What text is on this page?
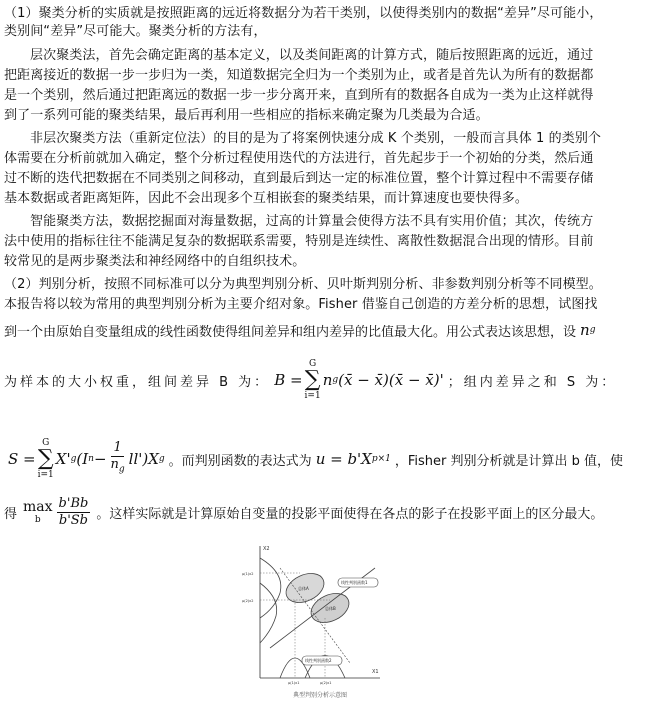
（1）聚类分析的实质就是按照距离的远近将数据分为若干类别，以使得类别内的数据“差异”尽可能小，
类别间“差异”尽可能大。聚类分析的方法有，
层次聚类法，首先会确定距离的基本定义，以及类间距离的计算方式，随后按照距离的远近，通过
把距离接近的数据一步一步归为一类，知道数据完全归为一个类别为止，或者是首先认为所有的数据都
是一个类别，然后通过把距离远的数据一步一步分离开来，直到所有的数据各自成为一类为止这样就得
到了一系列可能的聚类结果，最后再利用一些相应的指标来确定聚为几类最为合适。
非层次聚类方法（重新定位法）的目的是为了将案例快速分成 K 个类别，一般而言具体 1 的类别个
体需要在分析前就加入确定，整个分析过程使用迭代的方法进行，首先起步于一个初始的分类，然后通
过不断的迭代把数据在不同类别之间移动，直到最后到达一定的标准位置，整个计算过程中不需要存储
基本数据或者距离矩阵，因此不会出现多个互相嵌套的聚类结果，而计算速度也要快得多。
智能聚类方法，数据挖掘面对海量数据，过高的计算量会使得方法不具有实用价值；其次，传统方
法中使用的指标往往不能满足复杂的数据联系需要，特别是连续性、离散性数据混合出现的情形。目前
较常见的是两步聚类法和神经网络中的自组织技术。
（2）判别分析，按照不同标准可以分为典型判别分析、贝叶斯判别分析、非参数判别分析等不同模型。
本报告将以较为常用的典型判别分析为主要介绍对象。Fisher 借鉴自己创造的方差分析的思想，试图找
到一个由原始自变量组成的线性函数使得组间差异和组内差异的比值最大化。用公式表达该思想，设 n g
为样本的大小权重，组间差异 B 为： B =
G
∑
i=1
n g (x̄ − x̄)(x̄ − x̄)' ；组内差异之和 S 为：
S =
G
∑
i=1
X' g (I $n - \frac{1}{n_g} ll')X$ g 。而判别函数的表达式为 u = b'X p×1 ，Fisher 判别分析就是计算出 b 值，使
得 max
b $\frac{b'Bb}{b'Sb}$ 。这样实际就是计算原始自变量的投影平面使得在各点的影子在投影平面上的区分最大。
X2
X1
总体A
总体B
μ(1)x2
μ(2)x2
μ(1)x1	μ(2)x1
线性判别函数1
线性判别函数2
典型判别分析示意图
